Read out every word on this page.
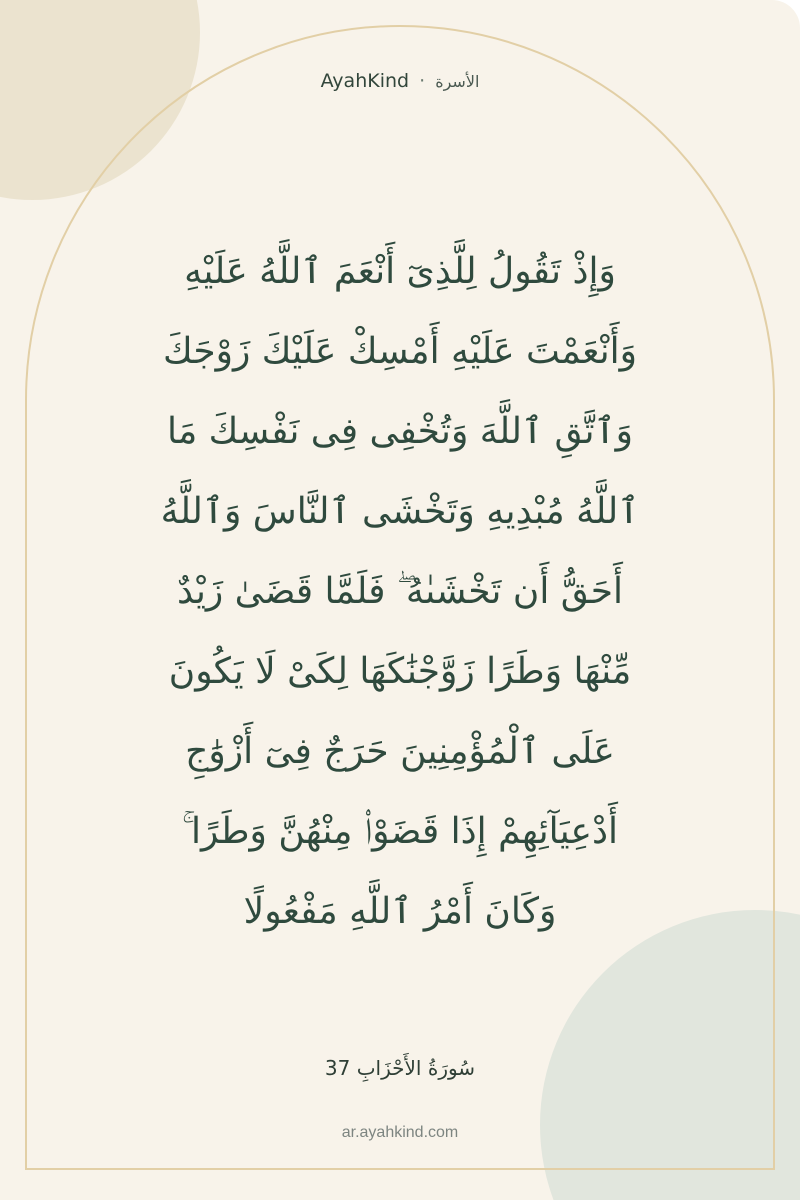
AyahKind · الأسرة
وَإِذْ تَقُولُ لِلَّذِىٓ أَنْعَمَ ٱللَّهُ عَلَيْهِ
وَأَنْعَمْتَ عَلَيْهِ أَمْسِكْ عَلَيْكَ زَوْجَكَ
وَٱتَّقِ ٱللَّهَ وَتُخْفِى فِى نَفْسِكَ مَا
ٱللَّهُ مُبْدِيهِ وَتَخْشَى ٱلنَّاسَ وَٱللَّهُ
أَحَقُّ أَن تَخْشَىٰهُ ۖ فَلَمَّا قَضَىٰ زَيْدٌ
مِّنْهَا وَطَرًا زَوَّجْنَٰكَهَا لِكَىْ لَا يَكُونَ
عَلَى ٱلْمُؤْمِنِينَ حَرَجٌ فِىٓ أَزْوَٰجِ
أَدْعِيَآئِهِمْ إِذَا قَضَوْا۟ مِنْهُنَّ وَطَرًا ۚ
وَكَانَ أَمْرُ ٱللَّهِ مَفْعُولًا
سُورَةُ الأَحْزَابِ 37
ar.ayahkind.com
